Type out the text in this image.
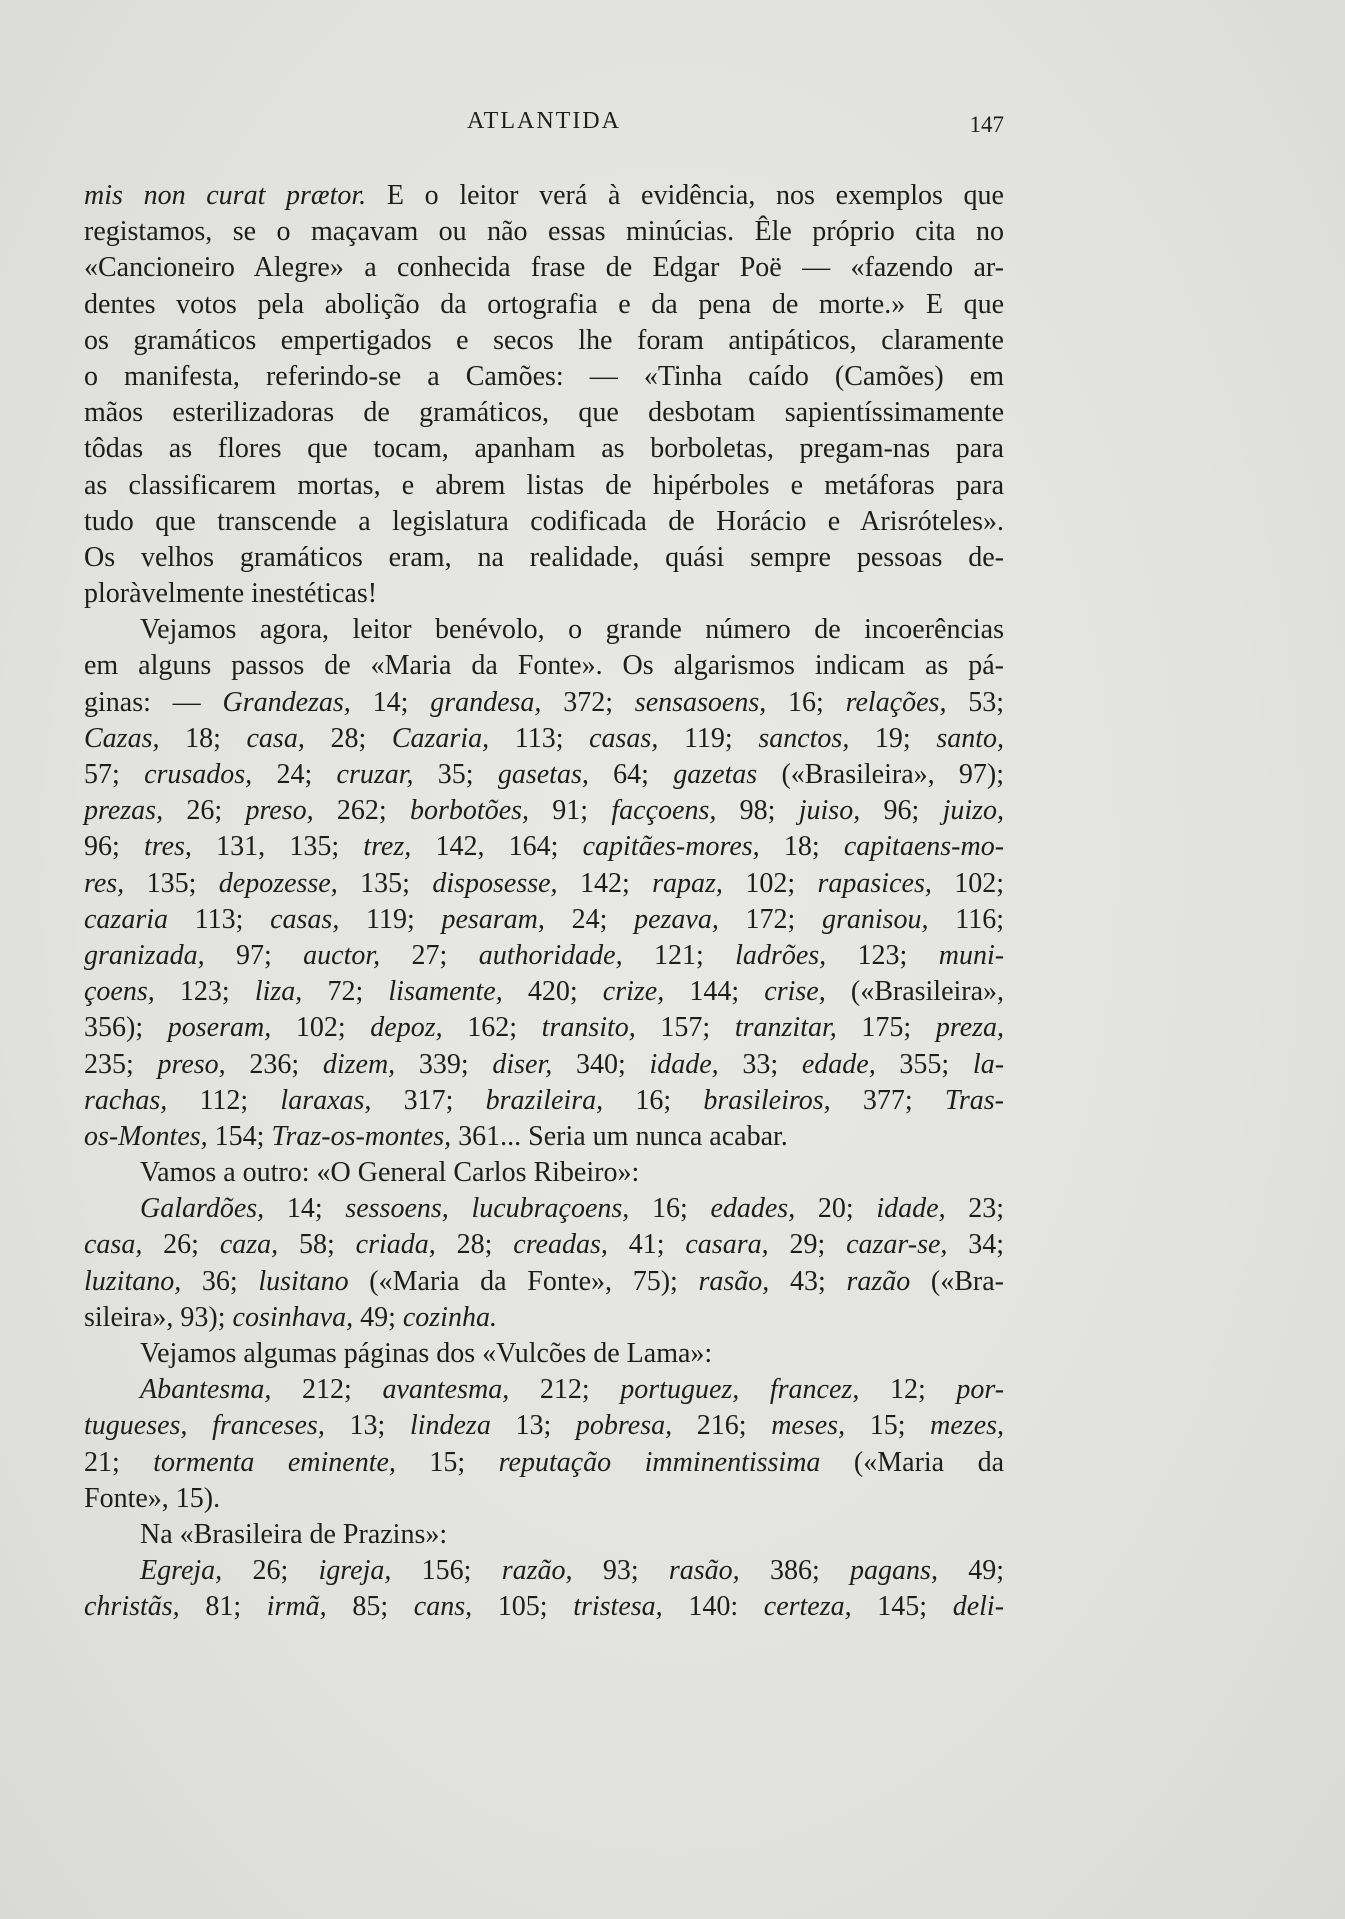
ATLANTIDA	147
mis non curat prætor. E o leitor verá à evidência, nos exemplos que
registamos, se o maçavam ou não essas minúcias. Êle próprio cita no
«Cancioneiro Alegre» a conhecida frase de Edgar Poë — «fazendo ar-
dentes votos pela abolição da ortografia e da pena de morte.» E que
os gramáticos empertigados e secos lhe foram antipáticos, claramente
o manifesta, referindo-se a Camões: — «Tinha caído (Camões) em
mãos esterilizadoras de gramáticos, que desbotam sapientíssimamente
tôdas as flores que tocam, apanham as borboletas, pregam-nas para
as classificarem mortas, e abrem listas de hipérboles e metáforas para
tudo que transcende a legislatura codificada de Horácio e Arisróteles».
Os velhos gramáticos eram, na realidade, quási sempre pessoas de-
ploràvelmente inestéticas!
Vejamos agora, leitor benévolo, o grande número de incoerências
em alguns passos de «Maria da Fonte». Os algarismos indicam as pá-
ginas: — Grandezas, 14; grandesa, 372; sensasoens, 16; relações, 53;
Cazas, 18; casa, 28; Cazaria, 113; casas, 119; sanctos, 19; santo,
57; crusados, 24; cruzar, 35; gasetas, 64; gazetas («Brasileira», 97);
prezas, 26; preso, 262; borbotões, 91; facçoens, 98; juiso, 96; juizo,
96; tres, 131, 135; trez, 142, 164; capitães-mores, 18; capitaens-mo-
res, 135; depozesse, 135; disposesse, 142; rapaz, 102; rapasices, 102;
cazaria 113; casas, 119; pesaram, 24; pezava, 172; granisou, 116;
granizada, 97; auctor, 27; authoridade, 121; ladrões, 123; muni-
çoens, 123; liza, 72; lisamente, 420; crize, 144; crise, («Brasileira»,
356); poseram, 102; depoz, 162; transito, 157; tranzitar, 175; preza,
235; preso, 236; dizem, 339; diser, 340; idade, 33; edade, 355; la-
rachas, 112; laraxas, 317; brazileira, 16; brasileiros, 377; Tras-
os-Montes, 154; Traz-os-montes, 361... Seria um nunca acabar.
Vamos a outro: «O General Carlos Ribeiro»:
Galardões, 14; sessoens, lucubraçoens, 16; edades, 20; idade, 23;
casa, 26; caza, 58; criada, 28; creadas, 41; casara, 29; cazar-se, 34;
luzitano, 36; lusitano («Maria da Fonte», 75); rasão, 43; razão («Bra-
sileira», 93); cosinhava, 49; cozinha.
Vejamos algumas páginas dos «Vulcões de Lama»:
Abantesma, 212; avantesma, 212; portuguez, francez, 12; por-
tugueses, franceses, 13; lindeza 13; pobresa, 216; meses, 15; mezes,
21; tormenta eminente, 15; reputação imminentissima («Maria da
Fonte», 15).
Na «Brasileira de Prazins»:
Egreja, 26; igreja, 156; razão, 93; rasão, 386; pagans, 49;
christãs, 81; irmã, 85; cans, 105; tristesa, 140: certeza, 145; deli-
